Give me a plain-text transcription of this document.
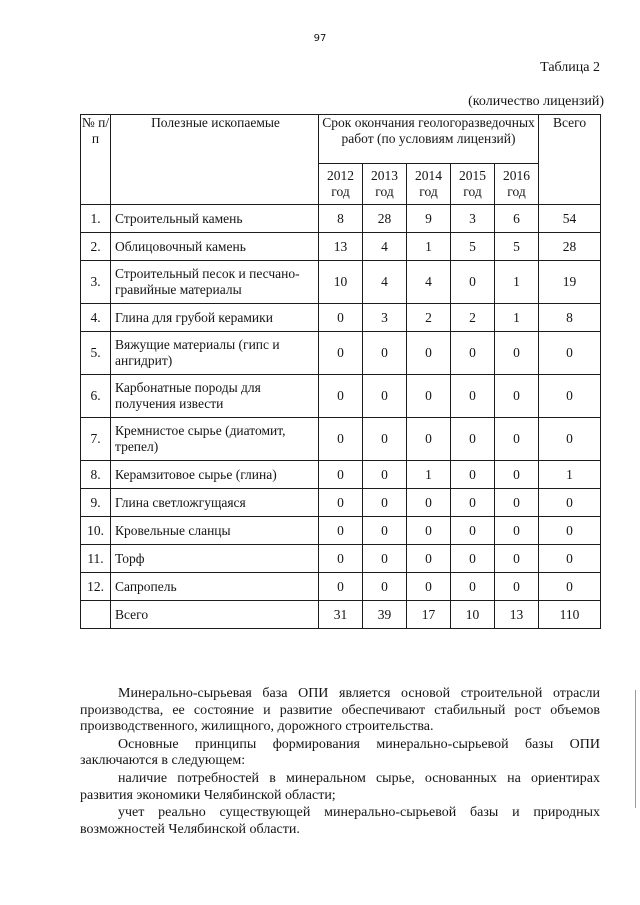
97
Таблица 2
(количество лицензий)
№ п/п	Полезные ископаемые	Срок окончания геологоразведочных работ (по условиям лицензий)					Всего
		2012 год	2013 год	2014 год	2015 год	2016 год	
1.	Строительный камень	8	28	9	3	6	54
2.	Облицовочный камень	13	4	1	5	5	28
3.	Строительный песок и песчано-гравийные материалы	10	4	4	0	1	19
4.	Глина для грубой керамики	0	3	2	2	1	8
5.	Вяжущие материалы (гипс и ангидрит)	0	0	0	0	0	0
6.	Карбонатные породы для получения извести	0	0	0	0	0	0
7.	Кремнистое сырье (диатомит, трепел)	0	0	0	0	0	0
8.	Керамзитовое сырье (глина)	0	0	1	0	0	1
9.	Глина светложгущаяся	0	0	0	0	0	0
10.	Кровельные сланцы	0	0	0	0	0	0
11.	Торф	0	0	0	0	0	0
12.	Сапропель	0	0	0	0	0	0
	Всего	31	39	17	10	13	110

Минерально-сырьевая база ОПИ является основой строительной отрасли производства, ее состояние и развитие обеспечивают стабильный рост объемов производственного, жилищного, дорожного строительства.

Основные принципы формирования минерально-сырьевой базы ОПИ заключаются в следующем:

наличие потребностей в минеральном сырье, основанных на ориентирах развития экономики Челябинской области;

учет реально существующей минерально-сырьевой базы и природных возможностей Челябинской области.
